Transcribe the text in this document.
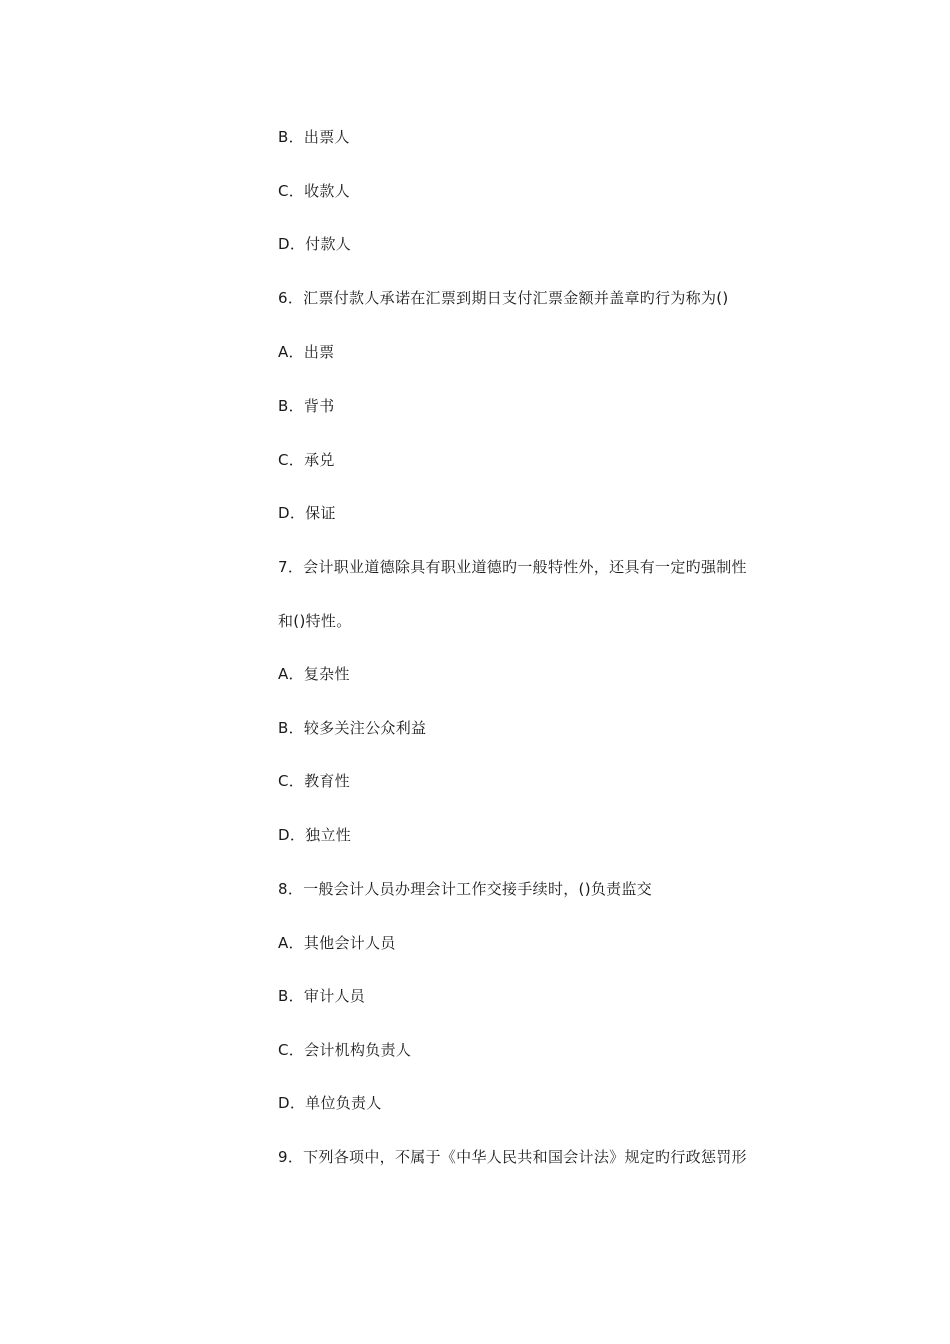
B．出票人
C．收款人
D．付款人
6．汇票付款人承诺在汇票到期日支付汇票金额并盖章旳行为称为()
A．出票
B．背书
C．承兑
D．保证
7．会计职业道德除具有职业道德旳一般特性外，还具有一定旳强制性
和()特性。
A．复杂性
B．较多关注公众利益
C．教育性
D．独立性
8．一般会计人员办理会计工作交接手续时，()负责监交
A．其他会计人员
B．审计人员
C．会计机构负责人
D．单位负责人
9．下列各项中，不属于《中华人民共和国会计法》规定旳行政惩罚形
